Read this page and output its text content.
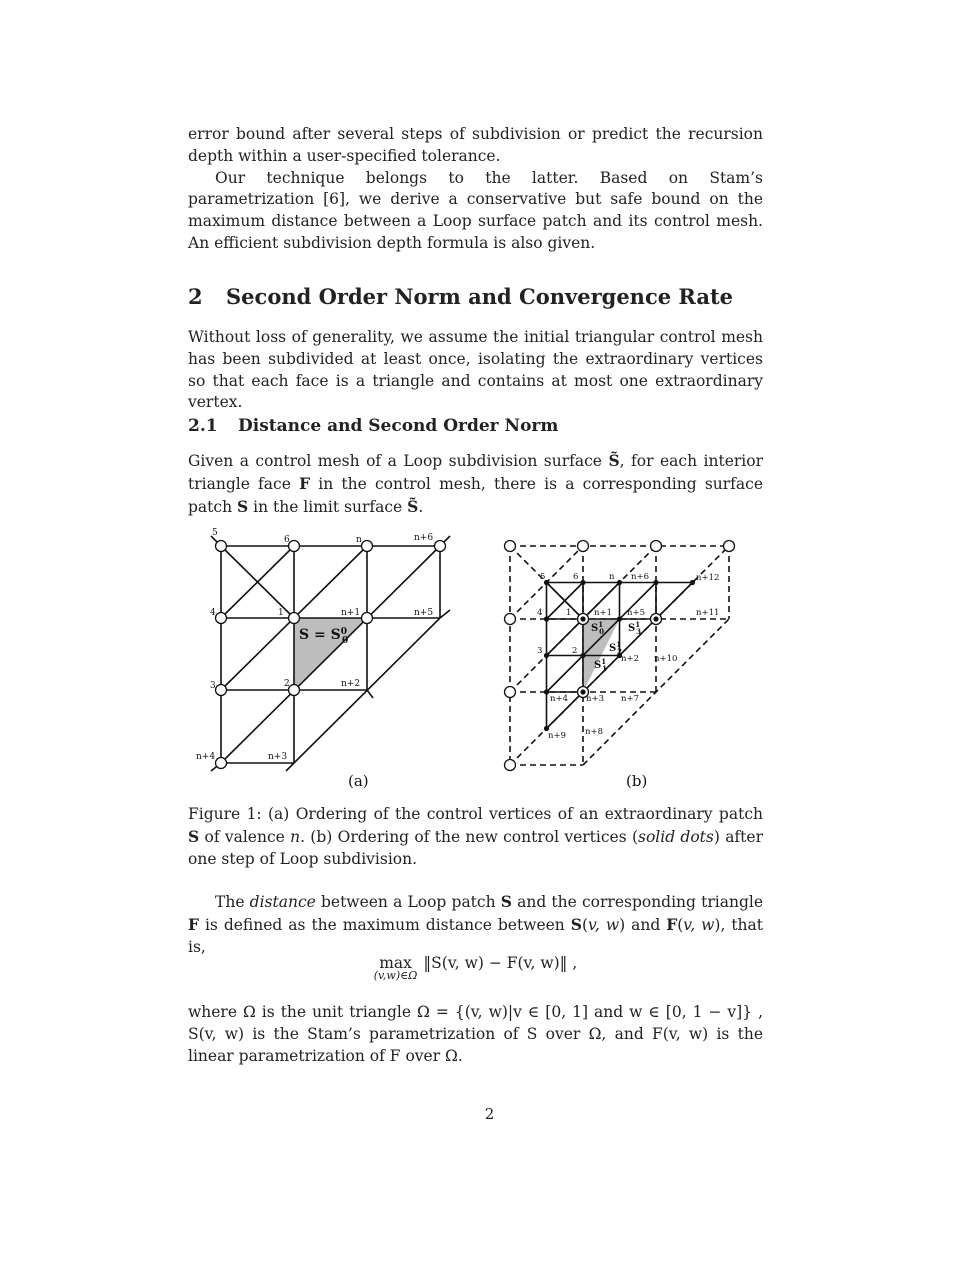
error bound after several steps of subdivision or predict the recursion depth within a user-specified tolerance.

Our technique belongs to the latter. Based on Stam’s parametrization [6], we derive a conservative but safe bound on the maximum distance between a Loop surface patch and its control mesh. An efficient subdivision depth formula is also given.

2 Second Order Norm and Convergence Rate

Without loss of generality, we assume the initial triangular control mesh has been subdivided at least once, isolating the extraordinary vertices so that each face is a triangle and contains at most one extraordinary vertex.

2.1 Distance and Second Order Norm

Given a control mesh of a Loop subdivision surface S̃, for each interior triangle face F in the control mesh, there is a corresponding surface patch S in the limit surface S̃.

5
6	n	n+6
4	1	n+1	n+5
3	2	n+2
n+4	n+3
$S = S^0$ 0
5	6	n n+6	n+12
4	1	n+1 n+5	n+11
3	2
n+2 n+10
n+4 n+3 n+7
n+9 n+8
$S^1$ 0 $S^1$ 3
$S^1$ 2
$S^1$ 1
(a)	(b)

Figure 1: (a) Ordering of the control vertices of an extraordinary patch S of valence n. (b) Ordering of the new control vertices (solid dots) after one step of Loop subdivision.

The distance between a Loop patch S and the corresponding triangle F is defined as the maximum distance between S(v, w) and F(v, w), that is,

max
(v,w)∈Ω
‖S(v, w) − F(v, w)‖ ,

where Ω is the unit triangle Ω = {(v, w)|v ∈ [0, 1] and w ∈ [0, 1 − v]} , S(v, w) is the Stam’s parametrization of S over Ω, and F(v, w) is the linear parametrization of F over Ω.

2
